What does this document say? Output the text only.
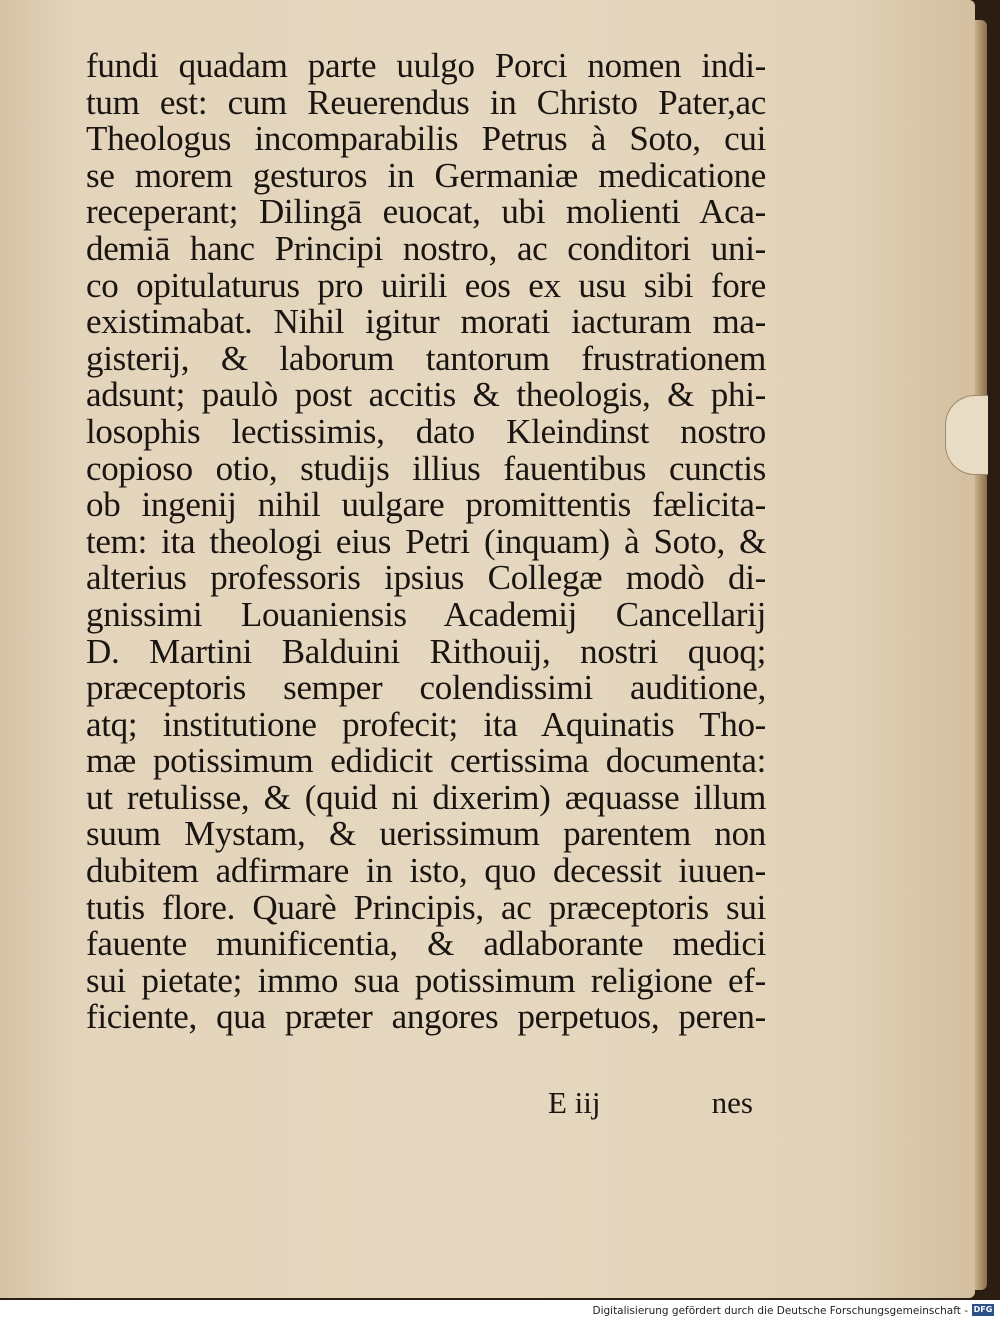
fundi quadam parte uulgo Porci nomen indi-
tum est: cum Reuerendus in Christo Pater,ac
Theologus incomparabilis Petrus à Soto, cui
se morem gesturos in Germaniæ medicatione
receperant; Dilingā euocat, ubi molienti Aca-
demiā hanc Principi nostro, ac conditori uni-
co opitulaturus pro uirili eos ex usu sibi fore
existimabat. Nihil igitur morati iacturam ma-
gisterij, & laborum tantorum frustrationem
adsunt; paulò post accitis & theologis, & phi-
losophis lectissimis, dato Kleindinst nostro
copioso otio, studijs illius fauentibus cunctis
ob ingenij nihil uulgare promittentis fælicita-
tem: ita theologi eius Petri (inquam) à Soto, &
alterius professoris ipsius Collegæ modò di-
gnissimi Louaniensis Academij Cancellarij
D. Martini Balduini Rithouij, nostri quoq;
præceptoris semper colendissimi auditione,
atq; institutione profecit; ita Aquinatis Tho-
mæ potissimum edidicit certissima documenta:
ut retulisse, & (quid ni dixerim) æquasse illum
suum Mystam, & uerissimum parentem non
dubitem adfirmare in isto, quo decessit iuuen-
tutis flore. Quarè Principis, ac præceptoris sui
fauente munificentia, & adlaborante medici
sui pietate; immo sua potissimum religione ef-
ficiente, qua præter angores perpetuos, peren-
E iij	nes
Digitalisierung gefördert durch die Deutsche Forschungsgemeinschaft - DFG
